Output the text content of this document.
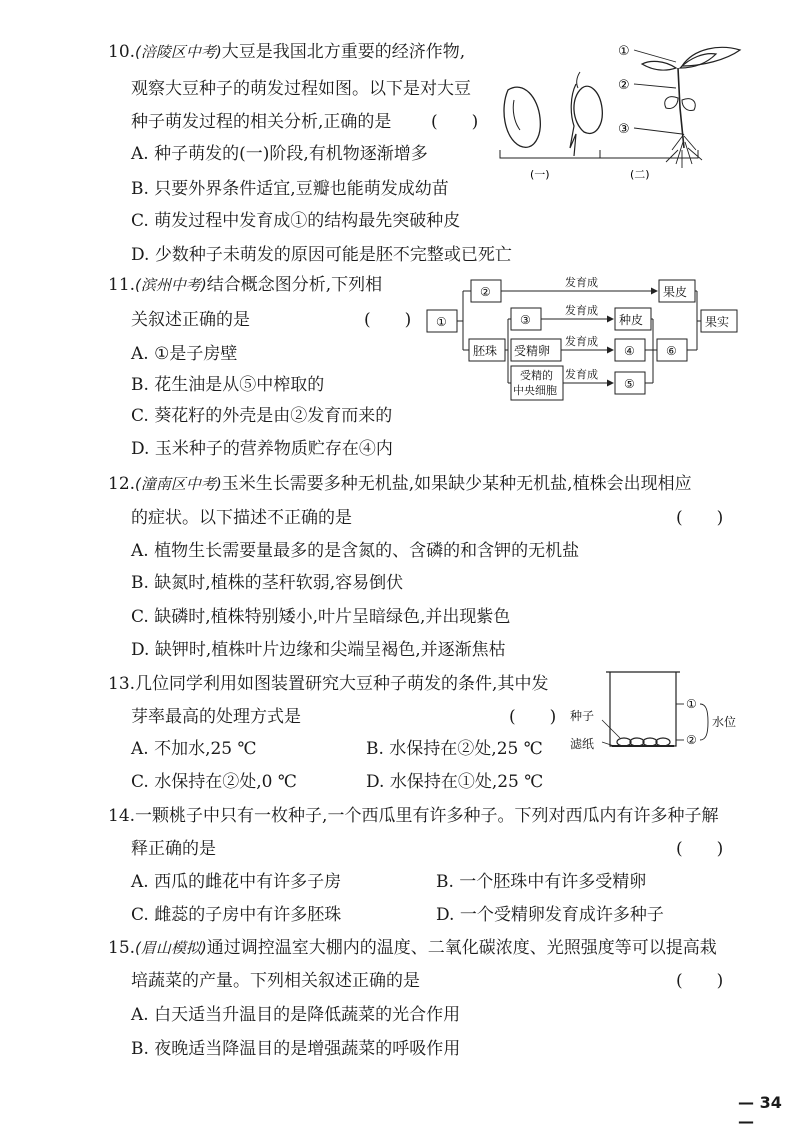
10.(涪陵区中考)大豆是我国北方重要的经济作物,
观察大豆种子的萌发过程如图。以下是对大豆
种子萌发过程的相关分析,正确的是 (　　)
A. 种子萌发的(一)阶段,有机物逐渐增多
B. 只要外界条件适宜,豆瓣也能萌发成幼苗
C. 萌发过程中发育成①的结构最先突破种皮
D. 少数种子未萌发的原因可能是胚不完整或已死亡
①
②
③
(一)	(二)
11.(滨州中考)结合概念图分析,下列相
关叙述正确的是	(　　)
A. ①是子房壁
B. 花生油是从⑤中榨取的
C. 葵花籽的外壳是由②发育而来的
D. 玉米种子的营养物质贮存在④内
①
②
胚珠
③
受精卵
受精的
中央细胞
种皮
④
⑤
⑥
果皮
果实
发育成
发育成
发育成
发育成
12.(潼南区中考)玉米生长需要多种无机盐,如果缺少某种无机盐,植株会出现相应
的症状。以下描述不正确的是	(　　)
A. 植物生长需要量最多的是含氮的、含磷的和含钾的无机盐
B. 缺氮时,植株的茎秆软弱,容易倒伏
C. 缺磷时,植株特别矮小,叶片呈暗绿色,并出现紫色
D. 缺钾时,植株叶片边缘和尖端呈褐色,并逐渐焦枯
13.几位同学利用如图装置研究大豆种子萌发的条件,其中发
芽率最高的处理方式是	(　　)
A. 不加水,25 ℃	B. 水保持在②处,25 ℃
C. 水保持在②处,0 ℃	D. 水保持在①处,25 ℃
种子
滤纸
①
②
水位
14.一颗桃子中只有一枚种子,一个西瓜里有许多种子。下列对西瓜内有许多种子解
释正确的是	(　　)
A. 西瓜的雌花中有许多子房	B. 一个胚珠中有许多受精卵
C. 雌蕊的子房中有许多胚珠	D. 一个受精卵发育成许多种子
15.(眉山模拟)通过调控温室大棚内的温度、二氧化碳浓度、光照强度等可以提高栽
培蔬菜的产量。下列相关叙述正确的是	(　　)
A. 白天适当升温目的是降低蔬菜的光合作用
B. 夜晚适当降温目的是增强蔬菜的呼吸作用
— 34 —
